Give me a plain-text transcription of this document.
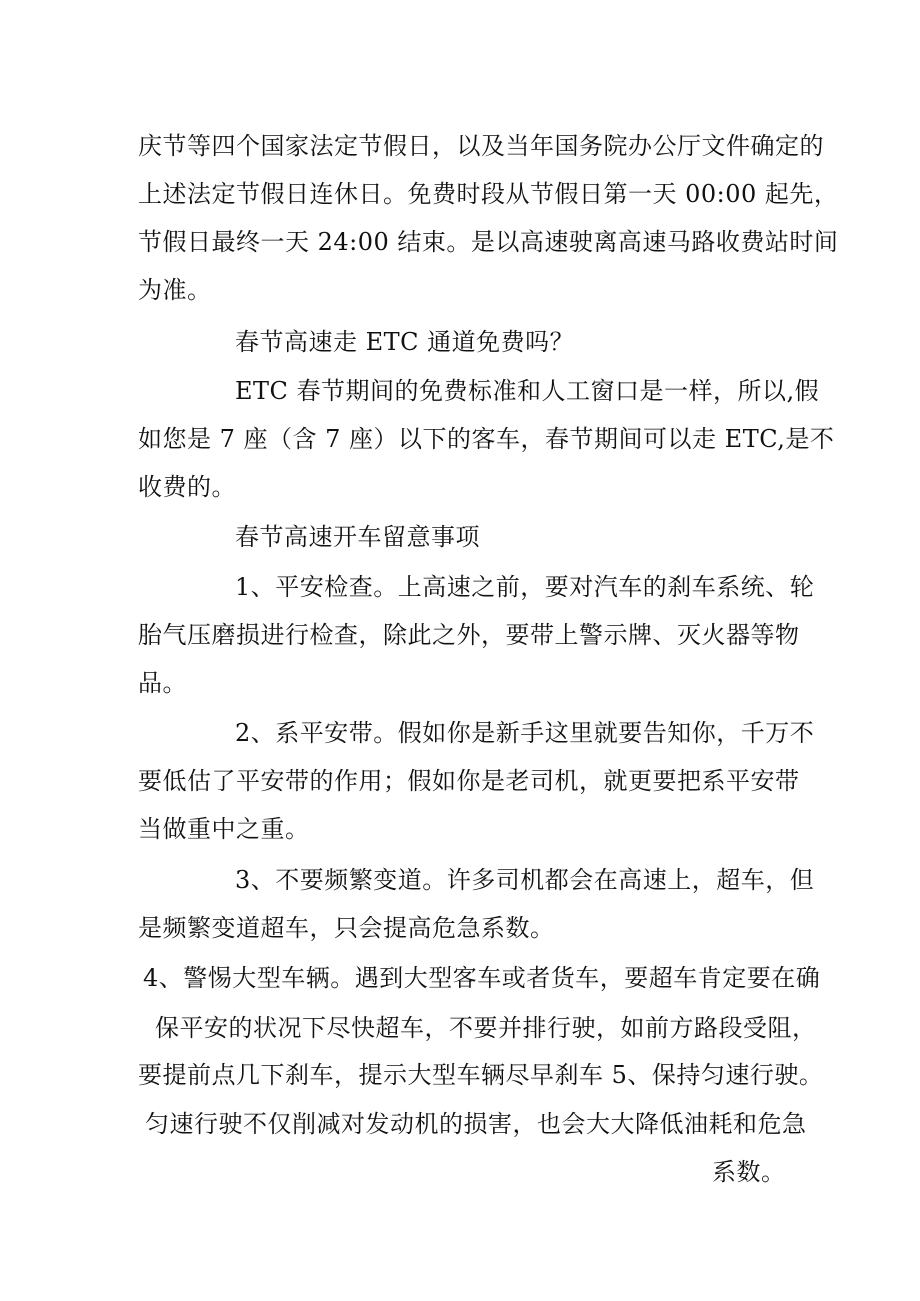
庆节等四个国家法定节假日，以及当年国务院办公厅文件确定的
上述法定节假日连休日。免费时段从节假日第一天 00:00 起先，
节假日最终一天 24:00 结束。是以高速驶离高速马路收费站时间
为准。
春节高速走 ETC 通道免费吗？
ETC 春节期间的免费标准和人工窗口是一样，所以,假
如您是 7 座（含 7 座）以下的客车，春节期间可以走 ETC,是不
收费的。
春节高速开车留意事项
1、平安检查。上高速之前，要对汽车的刹车系统、轮
胎气压磨损进行检查，除此之外，要带上警示牌、灭火器等物
品。
2、系平安带。假如你是新手这里就要告知你，千万不
要低估了平安带的作用；假如你是老司机，就更要把系平安带
当做重中之重。
3、不要频繁变道。许多司机都会在高速上，超车，但
是频繁变道超车，只会提高危急系数。
4、警惕大型车辆。遇到大型客车或者货车，要超车肯定要在确
保平安的状况下尽快超车，不要并排行驶，如前方路段受阻，
要提前点几下刹车，提示大型车辆尽早刹车 5、保持匀速行驶。
匀速行驶不仅削减对发动机的损害，也会大大降低油耗和危急
系数。
